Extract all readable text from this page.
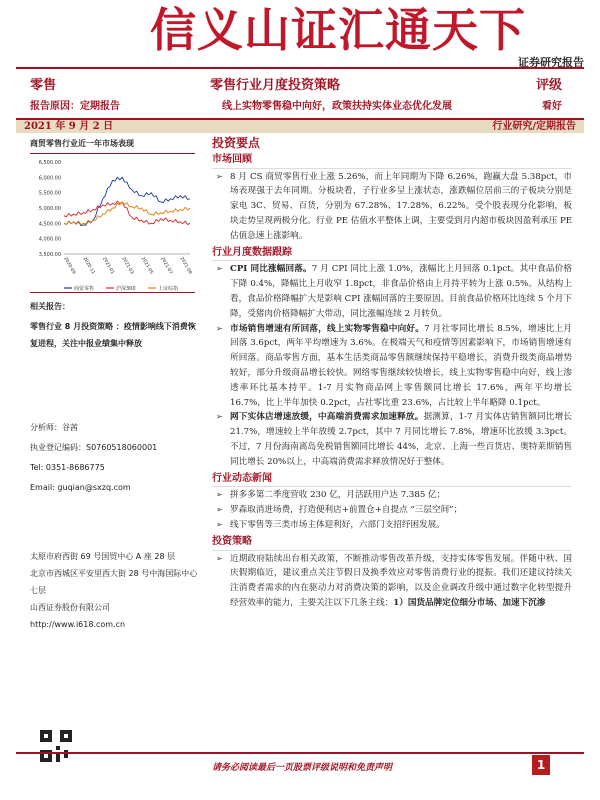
信义山证汇通天下
证券研究报告
零售	零售行业月度投资策略	评级
报告原因：定期报告	线上实物零售稳中向好，政策扶持实体业态优化发展	看好
2021 年 9 月 2 日	行业研究/定期报告
商贸零售行业近一年市场表现
6,500.00
6,000.00
5,500.00
5,000.00
4,500.00
4,000.00
3,500.00
2020-09 2020-11 2021-01 2021-03 2021-05 2021-07 2021-08
商贸零售	沪深300	上证综指
相关报告：
零售行业 8 月投资策略 ：疫情影响线下消费恢复进程，关注中报业绩集中释放
分析师：谷茜
执业登记编码：S0760518060001
Tel: 0351-8686775
Email: guqian@sxzq.com
太原市府西街 69 号国贸中心 A 座 28 层
北京市西城区平安里西大街 28 号中海国际中心七层
山西证券股份有限公司
http://www.i618.com.cn
投资要点
市场回顾
➢ 8 月 CS 商贸零售行业上涨 5.26%，而上年同期为下降 6.26%，跑赢大盘 5.38pct，市场表现强于去年同期。分板块看，子行业多呈上涨状态，涨跌幅位居前三的子板块分别是家电 3C、贸易、百货，分别为 67.28%、17.28%、6.22%。受个股表现分化影响，板块走势呈现两极分化。行业 PE 估值水平整体上调，主要受到月内超市板块因盈利承压 PE 估值急速上涨影响。
行业月度数据跟踪
➢ CPI 同比涨幅回落。7 月 CPI 同比上涨 1.0%，涨幅比上月回落 0.1pct。其中食品价格下降 0.4%，降幅比上月收窄 1.8pct，非食品价格由上月持平转为上涨 0.5%。从结构上看，食品价格降幅扩大是影响 CPI 涨幅回落的主要原因。目前食品价格环比连续 5 个月下降，受猪肉价格降幅扩大带动，同比涨幅连续 2 月转负。
➢ 市场销售增速有所回落，线上实物零售稳中向好。7 月社零同比增长 8.5%，增速比上月回落 3.6pct，两年平均增速为 3.6%。在极端天气和疫情等因素影响下，市场销售增速有所回落。商品零售方面，基本生活类商品零售额继续保持平稳增长，消费升级类商品增势较好，部分升级商品增长较快。网络零售继续较快增长，线上实物零售稳中向好，线上渗透率环比基本持平。1-7 月实物商品网上零售额同比增长 17.6%，两年平均增长 16.7%，比上半年加快 0.2pct，占社零比重 23.6%，占比较上半年略降 0.1pct。
➢ 网下实体店增速放缓，中高端消费需求加速释放。据测算，1-7 月实体店销售额同比增长 21.7%，增速较上半年放缓 2.7pct，其中 7 月同比增长 7.8%，增速环比放缓 3.3pct。不过，7 月份海南离岛免税销售额同比增长 44%，北京、上海一些百货店、奥特莱斯销售同比增长 20%以上，中高端消费需求释放情况好于整体。
行业动态新闻
➢ 拼多多第二季度营收 230 亿，月活跃用户达 7.385 亿；
➢ 罗森取消进场费，打造便利店+前置仓+自提点 “三层空间”；
➢ 线下零售等三类市场主体迎利好，六部门支招纾困发展。
投资策略
➢ 近期政府陆续出台相关政策，不断推动零售改革升级，支持实体零售发展。伴随中秋、国庆假期临近，建议重点关注节假日及换季效应对零售消费行业的提振。我们还建议持续关注消费者需求的内在驱动力对消费决策的影响，以及企业调改升级中通过数字化转型提升经营效率的能力，主要关注以下几条主线：1）国货品牌定位细分市场、加速下沉渗
请务必阅读最后一页股票评级说明和免责声明	1
